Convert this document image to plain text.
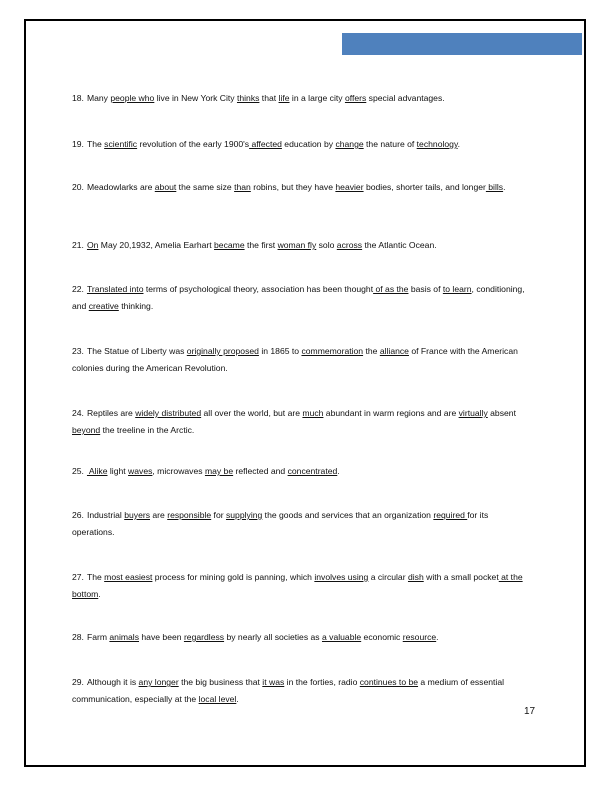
18. Many people who live in New York City thinks that life in a large city offers special advantages.
19. The scientific revolution of the early 1900's affected education by change the nature of technology.
20. Meadowlarks are about the same size than robins, but they have heavier bodies, shorter tails, and longer bills.
21. On May 20,1932, Amelia Earhart became the first woman fly solo across the Atlantic Ocean.
22. Translated into terms of psychological theory, association has been thought of as the basis of to learn, conditioning, and creative thinking.
23. The Statue of Liberty was originally proposed in 1865 to commemoration the alliance of France with the American colonies during the American Revolution.
24. Reptiles are widely distributed all over the world, but are much abundant in warm regions and are virtually absent beyond the treeline in the Arctic.
25. Alike light waves, microwaves may be reflected and concentrated.
26. Industrial buyers are responsible for supplying the goods and services that an organization required for its operations.
27. The most easiest process for mining gold is panning, which involves using a circular dish with a small pocket at the bottom.
28. Farm animals have been regardless by nearly all societies as a valuable economic resource.
29. Although it is any longer the big business that it was in the forties, radio continues to be a medium of essential communication, especially at the local level.
17
